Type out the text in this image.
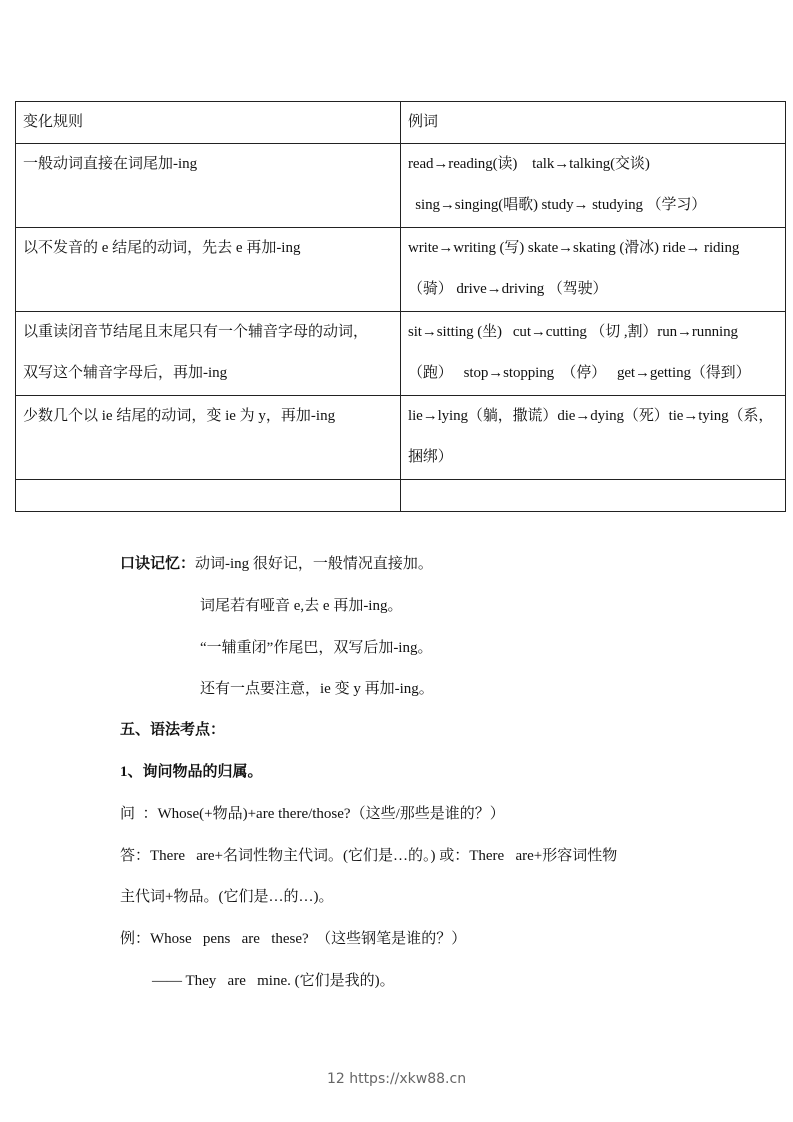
变化规则	例词

一般动词直接在词尾加-ing	read→reading(读)　talk→talking(交谈)
sing→singing(唱歌) study→ studying （学习）

以不发音的 e 结尾的动词，先去 e 再加-ing	write→writing (写) skate→skating (滑冰) ride→ riding
（骑） drive→driving （驾驶）

以重读闭音节结尾且末尾只有一个辅音字母的动词，
双写这个辅音字母后，再加-ing	sit→sitting (坐)   cut→cutting （切 ,割）run→running
（跑）   stop→stopping  （停）   get→getting（得到）

少数几个以 ie 结尾的动词，变 ie 为 y，再加-ing	lie→lying（躺，撒谎）die→dying（死）tie→tying（系，
捆绑）

口诀记忆：动词-ing 很好记，一般情况直接加。
词尾若有哑音 e,去 e 再加-ing。
“一辅重闭”作尾巴，双写后加-ing。
还有一点要注意，ie 变 y 再加-ing。
五、语法考点：
1、询问物品的归属。
问  ：Whose(+物品)+are there/those?（这些/那些是谁的？）
答：There   are+名词性物主代词。(它们是…的。) 或：There   are+形容词性物
主代词+物品。(它们是…的…)。
例：Whose   pens   are   these?  （这些钢笔是谁的？）
—— They   are   mine. (它们是我的)。
12 https://xkw88.cn
